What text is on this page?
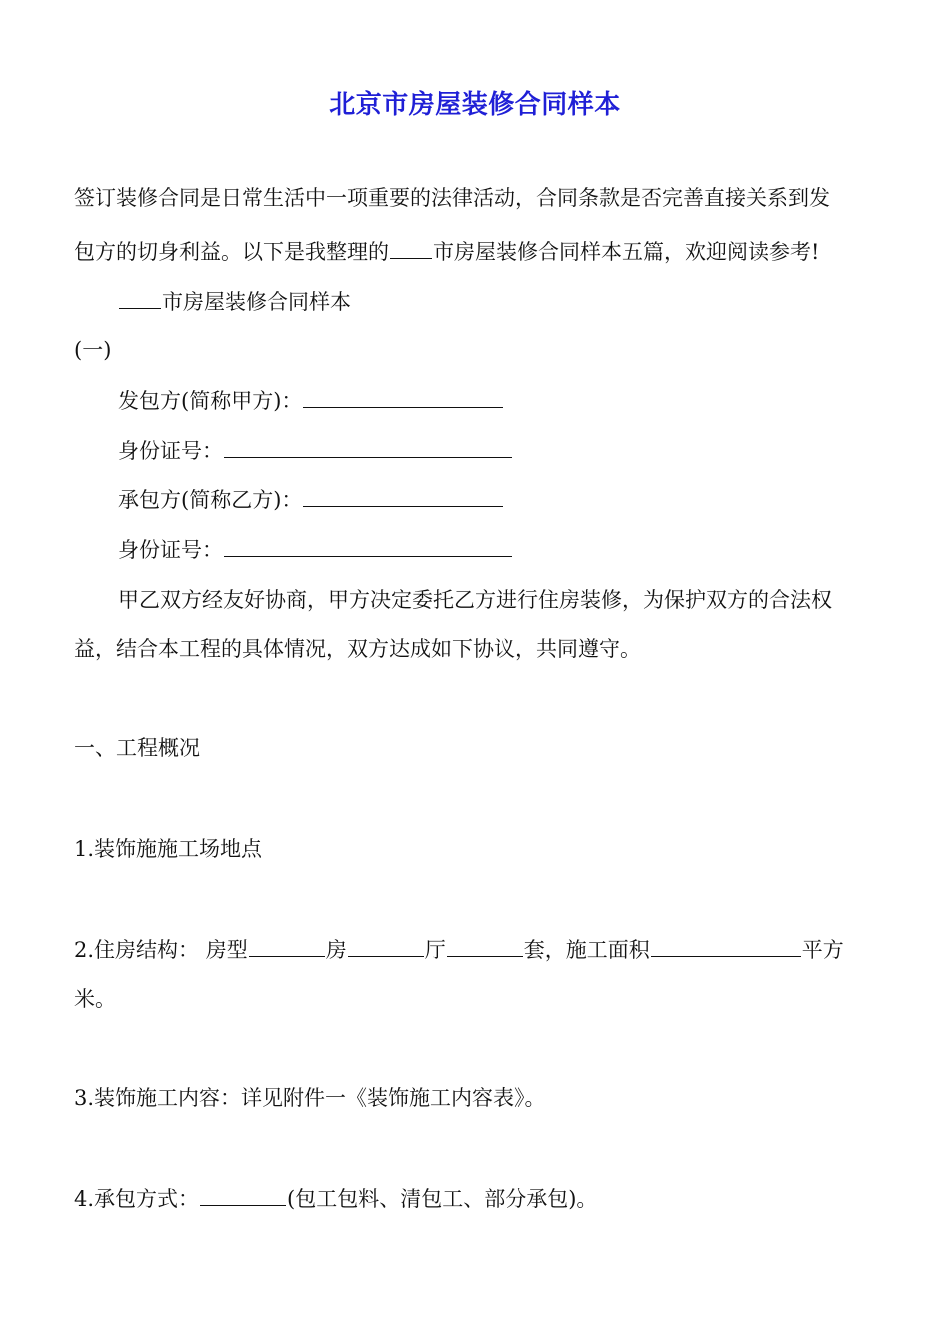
北京市房屋装修合同样本
签订装修合同是日常生活中一项重要的法律活动，合同条款是否完善直接关系到发
包方的切身利益。以下是我整理的 市房屋装修合同样本五篇，欢迎阅读参考!
市房屋装修合同样本
(一)
发包方(简称甲方)：
身份证号：
承包方(简称乙方)：
身份证号：
甲乙双方经友好协商，甲方决定委托乙方进行住房装修，为保护双方的合法权
益，结合本工程的具体情况，双方达成如下协议，共同遵守。
一、工程概况
1.装饰施施工场地点
2.住房结构： 房型	房	厅	套，施工面积	平方
米。
3.装饰施工内容：详见附件一《装饰施工内容表》。
4.承包方式：	(包工包料、清包工、部分承包)。
